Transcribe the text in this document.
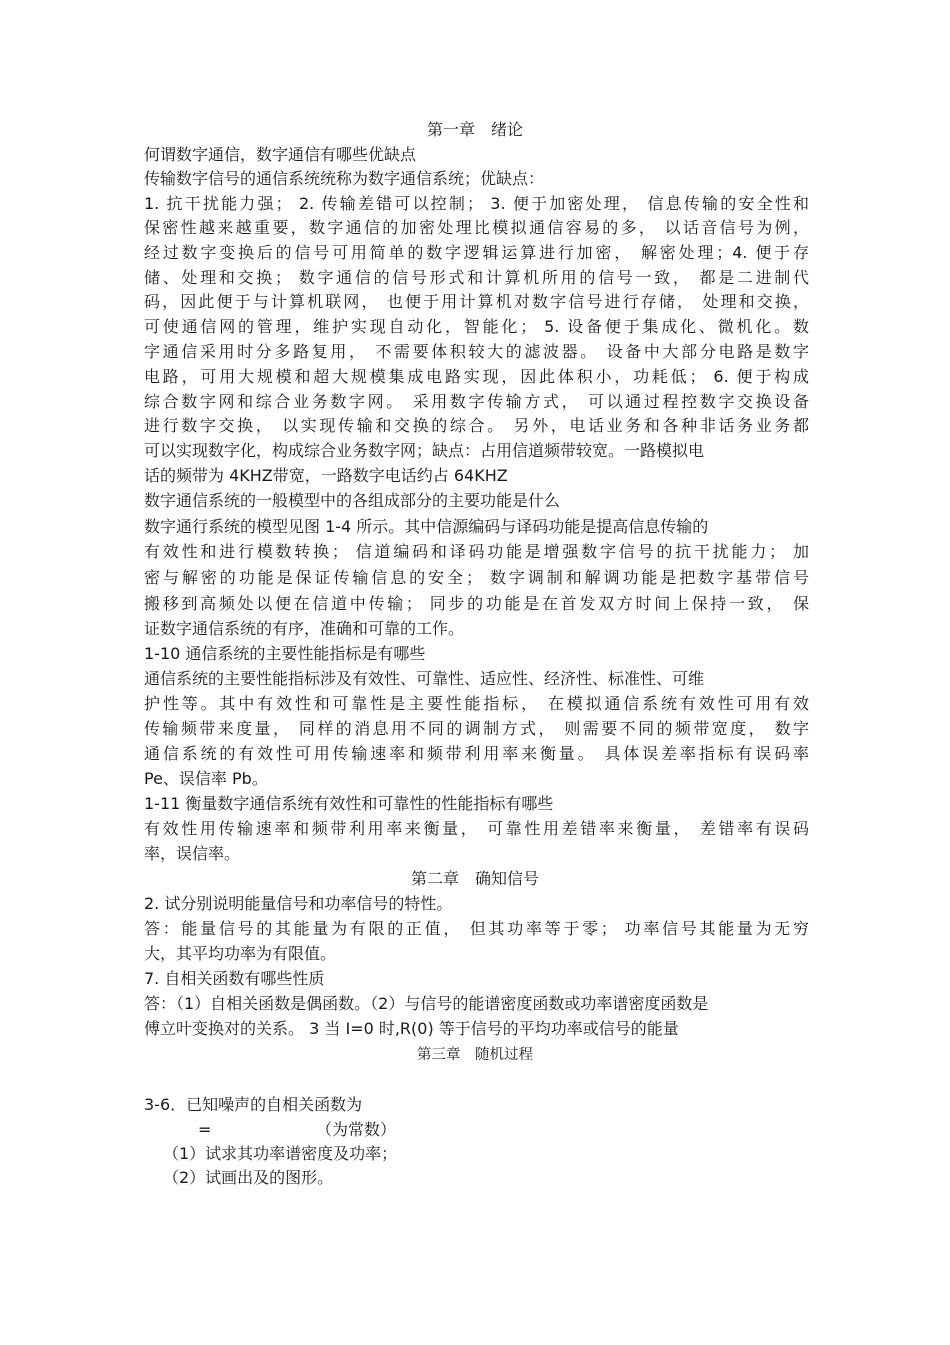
第一章　绪论
何谓数字通信，数字通信有哪些优缺点
传输数字信号的通信系统统称为数字通信系统；优缺点：
1. 抗干扰能力强； 2. 传输差错可以控制； 3. 便于加密处理， 信息传输的安全性和
保密性越来越重要，数字通信的加密处理比模拟通信容易的多， 以话音信号为例，
经过数字变换后的信号可用简单的数字逻辑运算进行加密， 解密处理；4. 便于存
储、处理和交换； 数字通信的信号形式和计算机所用的信号一致， 都是二进制代
码，因此便于与计算机联网， 也便于用计算机对数字信号进行存储， 处理和交换，
可使通信网的管理，维护实现自动化，智能化； 5. 设备便于集成化、微机化。数
字通信采用时分多路复用， 不需要体积较大的滤波器。 设备中大部分电路是数字
电路，可用大规模和超大规模集成电路实现，因此体积小，功耗低； 6. 便于构成
综合数字网和综合业务数字网。 采用数字传输方式， 可以通过程控数字交换设备
进行数字交换， 以实现传输和交换的综合。 另外，电话业务和各种非话务业务都
可以实现数字化，构成综合业务数字网；缺点：占用信道频带较宽。一路模拟电
话的频带为 4KHZ带宽，一路数字电话约占 64KHZ
数字通信系统的一般模型中的各组成部分的主要功能是什么
数字通行系统的模型见图 1-4 所示。其中信源编码与译码功能是提高信息传输的
有效性和进行模数转换； 信道编码和译码功能是增强数字信号的抗干扰能力； 加
密与解密的功能是保证传输信息的安全； 数字调制和解调功能是把数字基带信号
搬移到高频处以便在信道中传输； 同步的功能是在首发双方时间上保持一致， 保
证数字通信系统的有序，准确和可靠的工作。
1-10 通信系统的主要性能指标是有哪些
通信系统的主要性能指标涉及有效性、可靠性、适应性、经济性、标准性、可维
护性等。其中有效性和可靠性是主要性能指标， 在模拟通信系统有效性可用有效
传输频带来度量， 同样的消息用不同的调制方式， 则需要不同的频带宽度， 数字
通信系统的有效性可用传输速率和频带利用率来衡量。 具体误差率指标有误码率
Pe、误信率 Pb。
1-11 衡量数字通信系统有效性和可靠性的性能指标有哪些
有效性用传输速率和频带利用率来衡量， 可靠性用差错率来衡量， 差错率有误码
率，误信率。
第二章　确知信号
2. 试分别说明能量信号和功率信号的特性。
答：能量信号的其能量为有限的正值， 但其功率等于零； 功率信号其能量为无穷
大，其平均功率为有限值。
7. 自相关函数有哪些性质
答：（1）自相关函数是偶函数。（2）与信号的能谱密度函数或功率谱密度函数是
傅立叶变换对的关系。 3 当 I=0 时,R(0) 等于信号的平均功率或信号的能量
第三章　随机过程
3-6．已知噪声的自相关函数为
=	（为常数）
（1）试求其功率谱密度及功率；
（2）试画出及的图形。
